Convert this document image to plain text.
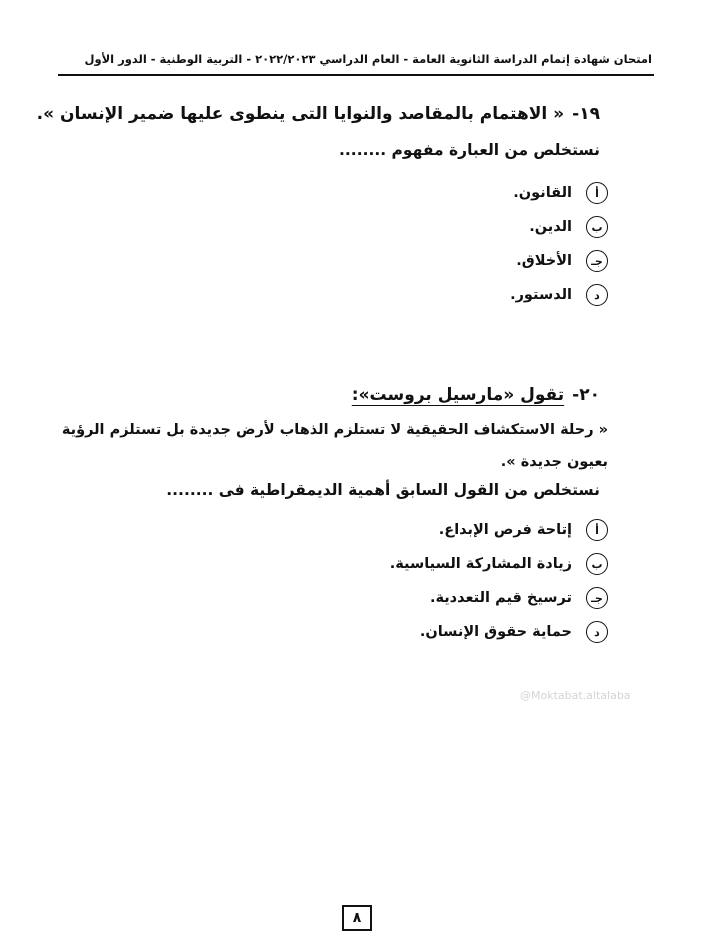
امتحان شهادة إتمام الدراسة الثانوية العامة - العام الدراسي ٢٠٢٢/٢٠٢٣ - التربية الوطنية - الدور الأول
١٩-« الاهتمام بالمقاصد والنوايا التى ينطوى عليها ضمير الإنسان ».
نستخلص من العبارة مفهوم ........
أ
القانون.
ب
الدين.
جـ
الأخلاق.
د
الدستور.
٢٠-تقول «مارسيل بروست»:
« رحلة الاستكشاف الحقيقية لا تستلزم الذهاب لأرض جديدة بل تستلزم الرؤية
بعيون جديدة ».
نستخلص من القول السابق أهمية الديمقراطية فى ........
أ
إتاحة فرص الإبداع.
ب
زيادة المشاركة السياسية.
جـ
ترسيخ قيم التعددية.
د
حماية حقوق الإنسان.
@Moktabat.altalaba
٨
